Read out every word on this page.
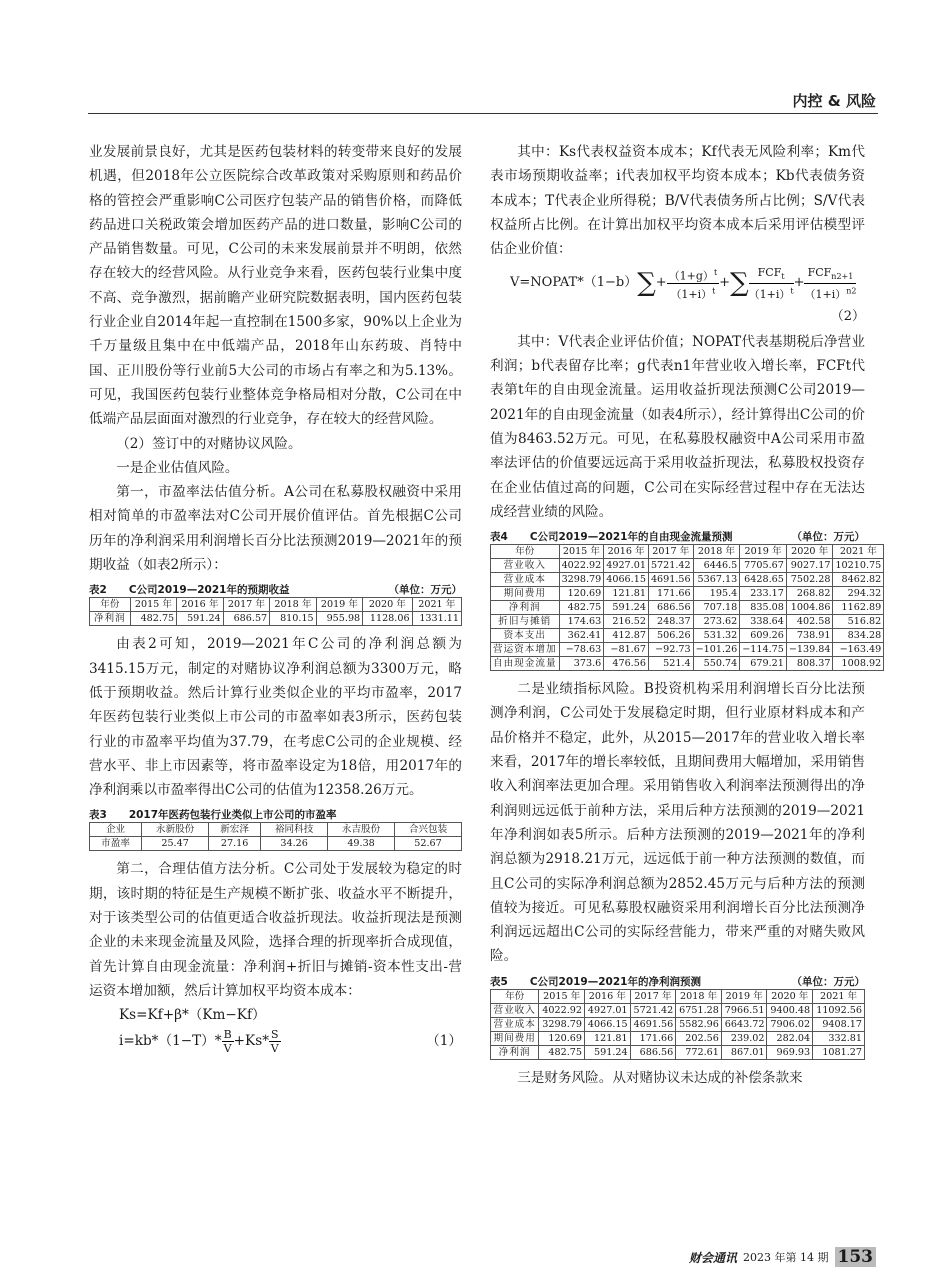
内控 & 风险

业发展前景良好，尤其是医药包装材料的转变带来良好的发展机遇，但2018年公立医院综合改革政策对采购原则和药品价格的管控会严重影响C公司医疗包装产品的销售价格，而降低药品进口关税政策会增加医药产品的进口数量，影响C公司的产品销售数量。可见，C公司的未来发展前景并不明朗，依然存在较大的经营风险。从行业竞争来看，医药包装行业集中度不高、竞争激烈，据前瞻产业研究院数据表明，国内医药包装行业企业自2014年起一直控制在1500多家，90%以上企业为千万量级且集中在中低端产品，2018年山东药玻、肖特中国、正川股份等行业前5大公司的市场占有率之和为5.13%。可见，我国医药包装行业整体竞争格局相对分散，C公司在中低端产品层面面对激烈的行业竞争，存在较大的经营风险。

（2）签订中的对赌协议风险。

一是企业估值风险。

第一，市盈率法估值分析。A公司在私募股权融资中采用相对简单的市盈率法对C公司开展价值评估。首先根据C公司历年的净利润采用利润增长百分比法预测2019—2021年的预期收益（如表2所示）：

表2	C公司2019—2021年的预期收益	（单位：万元）
年份	2015 年	2016 年	2017 年	2018 年	2019 年	2020 年	2021 年
净利润	482.75	591.24	686.57	810.15	955.98	1128.06	1331.11

由表2可知，2019—2021年C公司的净利润总额为3415.15万元，制定的对赌协议净利润总额为3300万元，略低于预期收益。然后计算行业类似企业的平均市盈率，2017年医药包装行业类似上市公司的市盈率如表3所示，医药包装行业的市盈率平均值为37.79，在考虑C公司的企业规模、经营水平、非上市因素等，将市盈率设定为18倍，用2017年的净利润乘以市盈率得出C公司的估值为12358.26万元。

表3	2017年医药包装行业类似上市公司的市盈率
企业	永新股份	新宏泽	裕同科技	永吉股份	合兴包装
市盈率	25.47	27.16	34.26	49.38	52.67

第二，合理估值方法分析。C公司处于发展较为稳定的时期，该时期的特征是生产规模不断扩张、收益水平不断提升，对于该类型公司的估值更适合收益折现法。收益折现法是预测企业的未来现金流量及风险，选择合理的折现率折合成现值，首先计算自由现金流量：净利润+折旧与摊销-资本性支出-营运资本增加额，然后计算加权平均资本成本：

Ks=Kf+β*（Km−Kf）
$i=kb*(1-T)* \frac{B}{V} +Ks* \frac{S}{V}$	（1）

其中：Ks代表权益资本成本；Kf代表无风险利率；Km代表市场预期收益率；i代表加权平均资本成本；Kb代表债务资本成本；T代表企业所得税；B/V代表债务所占比例；S/V代表权益所占比例。在计算出加权平均资本成本后采用评估模型评估企业价值：

V=NOPAT*（1−b） ∑ + $\frac{(1+g)^t}{(1+i)^t}$ + ∑ $\frac{FCF_t}{(1+i)^t} + \frac{FCF_{n2+1}}{(1+i)^{n2}}$
（2）

其中：V代表企业评估价值；NOPAT代表基期税后净营业利润；b代表留存比率；g代表n1年营业收入增长率，FCFt代表第t年的自由现金流量。运用收益折现法预测C公司2019—2021年的自由现金流量（如表4所示），经计算得出C公司的价值为8463.52万元。可见，在私募股权融资中A公司采用市盈率法评估的价值要远远高于采用收益折现法，私募股权投资存在企业估值过高的问题，C公司在实际经营过程中存在无法达成经营业绩的风险。

表4	C公司2019—2021年的自由现金流量预测	（单位：万元）
年份	2015 年	2016 年	2017 年	2018 年	2019 年	2020 年	2021 年
营业收入	4022.92	4927.01	5721.42	6446.5	7705.67	9027.17	10210.75
营业成本	3298.79	4066.15	4691.56	5367.13	6428.65	7502.28	8462.82
期间费用	120.69	121.81	171.66	195.4	233.17	268.82	294.32
净利润	482.75	591.24	686.56	707.18	835.08	1004.86	1162.89
折旧与摊销	174.63	216.52	248.37	273.62	338.64	402.58	516.82
资本支出	362.41	412.87	506.26	531.32	609.26	738.91	834.28
营运资本增加	−78.63	−81.67	−92.73	−101.26	−114.75	−139.84	−163.49
自由现金流量	373.6	476.56	521.4	550.74	679.21	808.37	1008.92

二是业绩指标风险。B投资机构采用利润增长百分比法预测净利润，C公司处于发展稳定时期，但行业原材料成本和产品价格并不稳定，此外，从2015—2017年的营业收入增长率来看，2017年的增长率较低，且期间费用大幅增加，采用销售收入利润率法更加合理。采用销售收入利润率法预测得出的净利润则远远低于前种方法，采用后种方法预测的2019—2021年净利润如表5所示。后种方法预测的2019—2021年的净利润总额为2918.21万元，远远低于前一种方法预测的数值，而且C公司的实际净利润总额为2852.45万元与后种方法的预测值较为接近。可见私募股权融资采用利润增长百分比法预测净利润远远超出C公司的实际经营能力，带来严重的对赌失败风险。

表5	C公司2019—2021年的净利润预测	（单位：万元）
年份	2015 年	2016 年	2017 年	2018 年	2019 年	2020 年	2021 年
营业收入	4022.92	4927.01	5721.42	6751.28	7966.51	9400.48	11092.56
营业成本	3298.79	4066.15	4691.56	5582.96	6643.72	7906.02	9408.17
期间费用	120.69	121.81	171.66	202.56	239.02	282.04	332.81
净利润	482.75	591.24	686.56	772.61	867.01	969.93	1081.27

三是财务风险。从对赌协议未达成的补偿条款来

财会通讯 2023 年第 14 期 153
